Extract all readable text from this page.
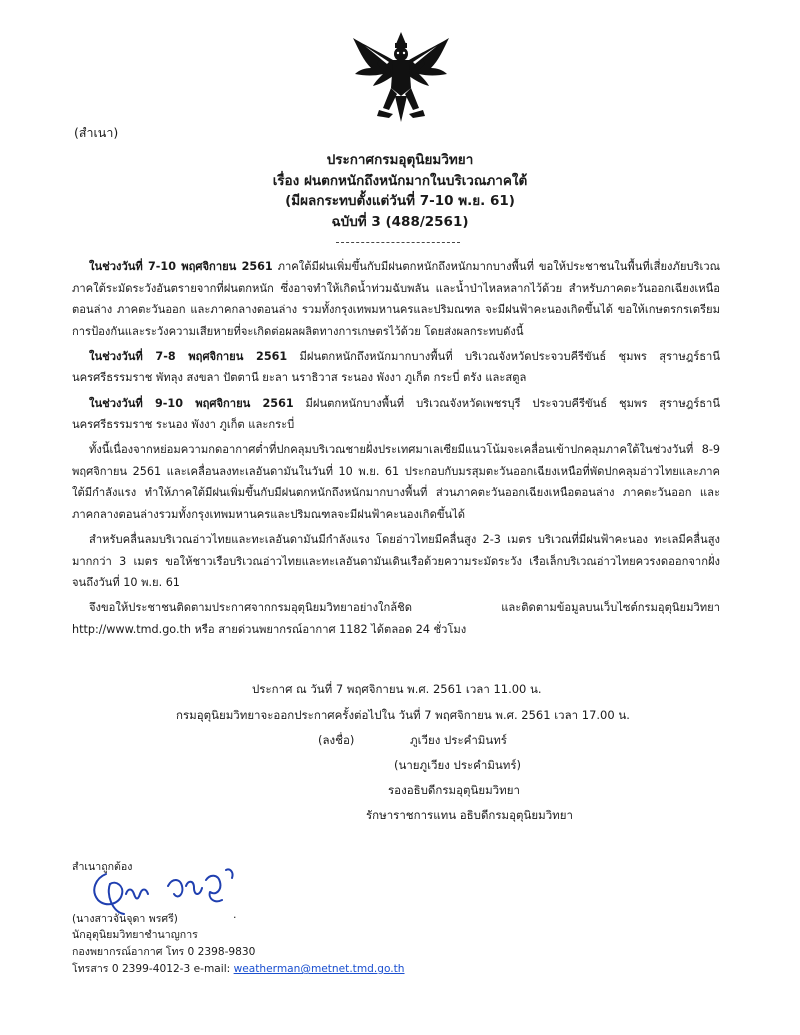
(สำเนา)
ประกาศกรมอุตุนิยมวิทยา
เรื่อง ฝนตกหนักถึงหนักมากในบริเวณภาคใต้
(มีผลกระทบตั้งแต่วันที่ 7-10 พ.ย. 61)
ฉบับที่ 3 (488/2561)

ในช่วงวันที่ 7-10 พฤศจิกายน 2561 ภาคใต้มีฝนเพิ่มขึ้นกับมีฝนตกหนักถึงหนักมากบางพื้นที่ ขอให้ประชาชนในพื้นที่เสี่ยงภัยบริเวณภาคใต้ระมัดระวังอันตรายจากที่ฝนตกหนัก ซึ่งอาจทำให้เกิดน้ำท่วมฉับพลัน และน้ำป่าไหลหลากไว้ด้วย สำหรับภาคตะวันออกเฉียงเหนือตอนล่าง ภาคตะวันออก และภาคกลางตอนล่าง รวมทั้งกรุงเทพมหานครและปริมณฑล จะมีฝนฟ้าคะนองเกิดขึ้นได้ ขอให้เกษตรกรเตรียมการป้องกันและระวังความเสียหายที่จะเกิดต่อผลผลิตทางการเกษตรไว้ด้วย โดยส่งผลกระทบดังนี้

ในช่วงวันที่ 7-8 พฤศจิกายน 2561 มีฝนตกหนักถึงหนักมากบางพื้นที่ บริเวณจังหวัดประจวบคีรีขันธ์ ชุมพร สุราษฎร์ธานี นครศรีธรรมราช พัทลุง สงขลา ปัตตานี ยะลา นราธิวาส ระนอง พังงา ภูเก็ต กระบี่ ตรัง และสตูล

ในช่วงวันที่ 9-10 พฤศจิกายน 2561 มีฝนตกหนักบางพื้นที่ บริเวณจังหวัดเพชรบุรี ประจวบคีรีขันธ์ ชุมพร สุราษฎร์ธานี นครศรีธรรมราช ระนอง พังงา ภูเก็ต และกระบี่

ทั้งนี้เนื่องจากหย่อมความกดอากาศต่ำที่ปกคลุมบริเวณชายฝั่งประเทศมาเลเซียมีแนวโน้มจะเคลื่อนเข้าปกคลุมภาคใต้ในช่วงวันที่ 8-9 พฤศจิกายน 2561 และเคลื่อนลงทะเลอันดามันในวันที่ 10 พ.ย. 61 ประกอบกับมรสุมตะวันออกเฉียงเหนือที่พัดปกคลุมอ่าวไทยและภาคใต้มีกำลังแรง ทำให้ภาคใต้มีฝนเพิ่มขึ้นกับมีฝนตกหนักถึงหนักมากบางพื้นที่ ส่วนภาคตะวันออกเฉียงเหนือตอนล่าง ภาคตะวันออก และภาคกลางตอนล่างรวมทั้งกรุงเทพมหานครและปริมณฑลจะมีฝนฟ้าคะนองเกิดขึ้นได้

สำหรับคลื่นลมบริเวณอ่าวไทยและทะเลอันดามันมีกำลังแรง โดยอ่าวไทยมีคลื่นสูง 2-3 เมตร บริเวณที่มีฝนฟ้าคะนอง ทะเลมีคลื่นสูงมากกว่า 3 เมตร ขอให้ชาวเรือบริเวณอ่าวไทยและทะเลอันดามันเดินเรือด้วยความระมัดระวัง เรือเล็กบริเวณอ่าวไทยควรงดออกจากฝั่งจนถึงวันที่ 10 พ.ย. 61

จึงขอให้ประชาชนติดตามประกาศจากกรมอุตุนิยมวิทยาอย่างใกล้ชิด และติดตามข้อมูลบนเว็บไซต์กรมอุตุนิยมวิทยา http://www.tmd.go.th หรือ สายด่วนพยากรณ์อากาศ 1182 ได้ตลอด 24 ชั่วโมง

ประกาศ ณ วันที่ 7 พฤศจิกายน พ.ศ. 2561 เวลา 11.00 น.
กรมอุตุนิยมวิทยาจะออกประกาศครั้งต่อไปใน วันที่ 7 พฤศจิกายน พ.ศ. 2561 เวลา 17.00 น.
(ลงชื่อ)	ภูเวียง ประคำมินทร์
(นายภูเวียง ประคำมินทร์)
รองอธิบดีกรมอุตุนิยมวิทยา
รักษาราชการแทน อธิบดีกรมอุตุนิยมวิทยา
สำเนาถูกต้อง
(นางสาวจันจุดา พรศรี)	.
นักอุตุนิยมวิทยาชำนาญการ
กองพยากรณ์อากาศ โทร 0 2398-9830
โทรสาร 0 2399-4012-3 e-mail: weatherman@metnet.tmd.go.th
